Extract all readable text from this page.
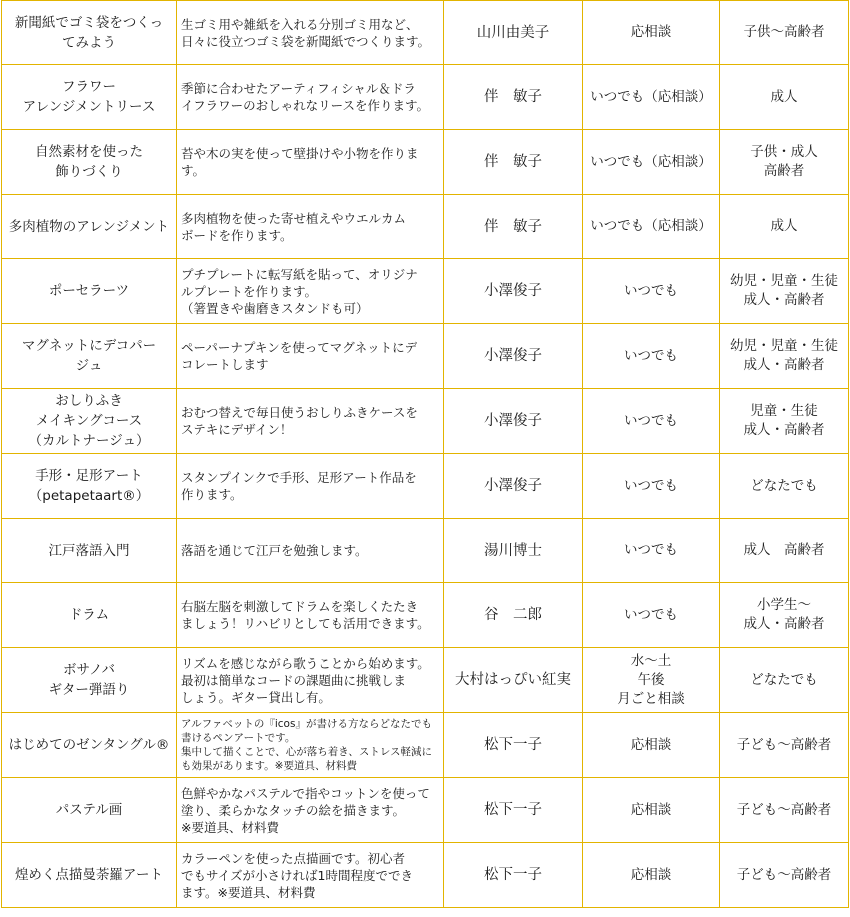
新聞紙でゴミ袋をつくっ
てみよう	生ゴミ用や雑紙を入れる分別ゴミ用など、
日々に役立つゴミ袋を新聞紙でつくります。	山川由美子	応相談	子供～高齢者

フラワー
アレンジメントリース	季節に合わせたアーティフィシャル＆ドラ
イフラワーのおしゃれなリースを作ります。	伴　敏子	いつでも（応相談）	成人

自然素材を使った
飾りづくり	苔や木の実を使って壁掛けや小物を作りま
す。	伴　敏子	いつでも（応相談）	子供・成人
高齢者

多肉植物のアレンジメント	多肉植物を使った寄せ植えやウエルカム
ボードを作ります。	伴　敏子	いつでも（応相談）	成人

ポーセラーツ	プチプレートに転写紙を貼って、オリジナ
ルプレートを作ります。
（箸置きや歯磨きスタンドも可）	小澤俊子	いつでも	幼児・児童・生徒
成人・高齢者

マグネットにデコパー
ジュ	ペーパーナプキンを使ってマグネットにデ
コレートします	小澤俊子	いつでも	幼児・児童・生徒
成人・高齢者

おしりふき
メイキングコース
（カルトナージュ）	おむつ替えで毎日使うおしりふきケースを
ステキにデザイン！	小澤俊子	いつでも	児童・生徒
成人・高齢者

手形・足形アート
（petapetaart®）	スタンプインクで手形、足形アート作品を
作ります。	小澤俊子	いつでも	どなたでも

江戸落語入門	落語を通じて江戸を勉強します。	湯川博士	いつでも	成人　高齢者

ドラム	右脳左脳を刺激してドラムを楽しくたたき
ましょう！リハビリとしても活用できます。	谷　二郎	いつでも	小学生～
成人・高齢者

ボサノバ
ギター弾語り	リズムを感じながら歌うことから始めます。
最初は簡単なコードの課題曲に挑戦しま
しょう。ギター貸出し有。	大村はっぴい紅実	水～土
午後
月ごと相談	どなたでも

はじめてのゼンタングル®	アルファベットの『icos』が書ける方ならどなたでも
書けるペンアートです。
集中して描くことで、心が落ち着き、ストレス軽減に
も効果があります。※要道具、材料費	松下一子	応相談	子ども～高齢者

パステル画	色鮮やかなパステルで指やコットンを使って
塗り、柔らかなタッチの絵を描きます。
※要道具、材料費	松下一子	応相談	子ども～高齢者

煌めく点描曼荼羅アート	カラーペンを使った点描画です。初心者
でもサイズが小さければ1時間程度ででき
ます。※要道具、材料費	松下一子	応相談	子ども～高齢者
